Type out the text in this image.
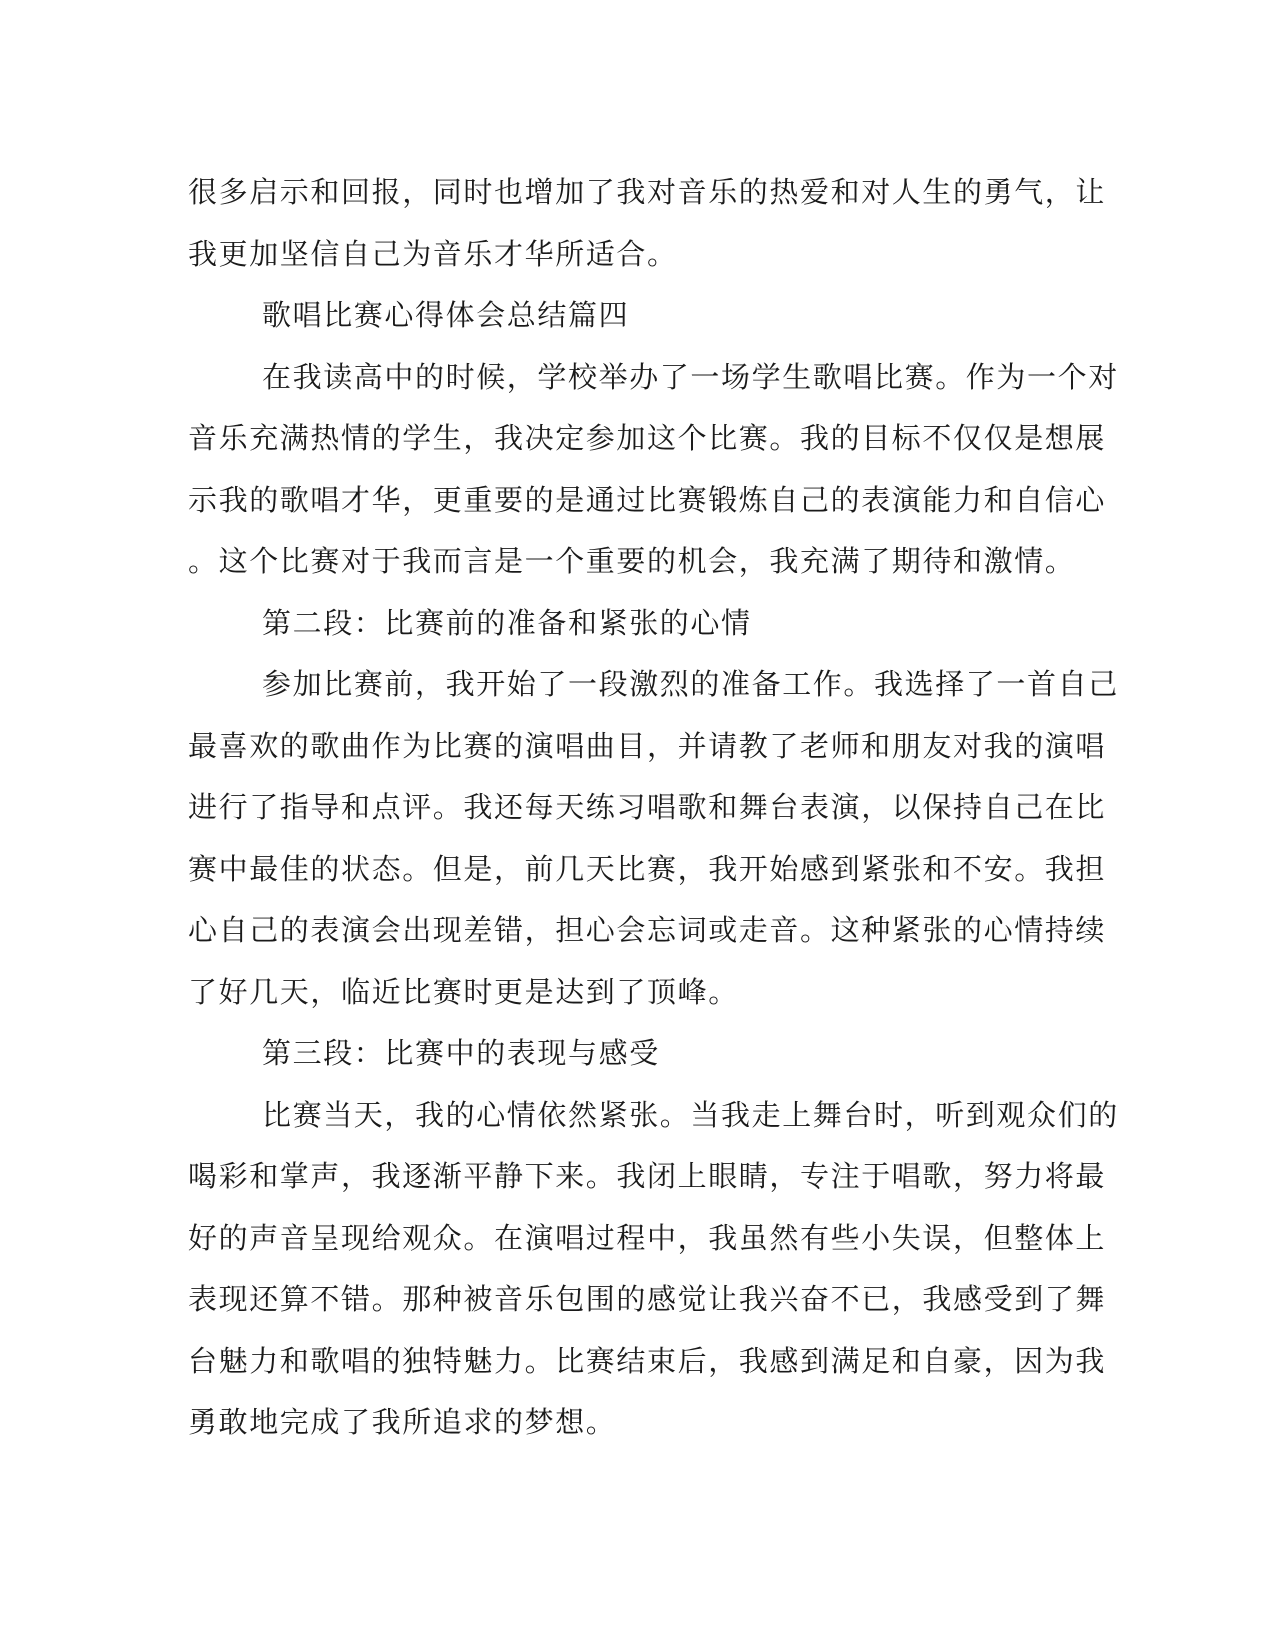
很多启示和回报，同时也增加了我对音乐的热爱和对人生的勇气，让
我更加坚信自己为音乐才华所适合。
歌唱比赛心得体会总结篇四
在我读高中的时候，学校举办了一场学生歌唱比赛。作为一个对
音乐充满热情的学生，我决定参加这个比赛。我的目标不仅仅是想展
示我的歌唱才华，更重要的是通过比赛锻炼自己的表演能力和自信心
。这个比赛对于我而言是一个重要的机会，我充满了期待和激情。
第二段：比赛前的准备和紧张的心情
参加比赛前，我开始了一段激烈的准备工作。我选择了一首自己
最喜欢的歌曲作为比赛的演唱曲目，并请教了老师和朋友对我的演唱
进行了指导和点评。我还每天练习唱歌和舞台表演，以保持自己在比
赛中最佳的状态。但是，前几天比赛，我开始感到紧张和不安。我担
心自己的表演会出现差错，担心会忘词或走音。这种紧张的心情持续
了好几天，临近比赛时更是达到了顶峰。
第三段：比赛中的表现与感受
比赛当天，我的心情依然紧张。当我走上舞台时，听到观众们的
喝彩和掌声，我逐渐平静下来。我闭上眼睛，专注于唱歌，努力将最
好的声音呈现给观众。在演唱过程中，我虽然有些小失误，但整体上
表现还算不错。那种被音乐包围的感觉让我兴奋不已，我感受到了舞
台魅力和歌唱的独特魅力。比赛结束后，我感到满足和自豪，因为我
勇敢地完成了我所追求的梦想。
